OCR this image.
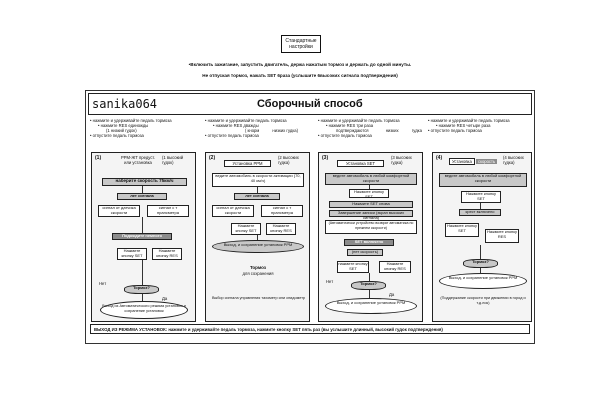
Стандартные
настройки
•Включить зажигание, запустить двигатель, держа нажатым тормоз и держать до одной минуты.
Не отпуская тормоз, нажать SET 6раза (услышите 6высоких сигнала подтверждения)
sanika064	Сборочный способ
• нажмите и удерживайте педаль тормоза
• нажмите RES единожды
(1 низкий гудок)
• отпустите педаль тормоза
• нажмите и удерживайте педаль тормоза
• нажмите RES дважды
( кнорм	низких гудка)
• отпустите педаль тормоза
• нажмите и удерживайте педаль тормоза
• нажмите RES три раза
подтверждаются	низких	гудка
• отпустите педаль тормоза
• нажмите и удерживайте педаль тормоза
• нажмите RES четыре раза
• отпустите педаль тормоза
(1)	РРМ-ЖТ предуст.
или установка
(1 высокий
гудок)
наберите скорость 75км/ч
лет сигнала
сигнал от датчика скорости
сигнал с т прансметра
Подождите немного
Нажмите кнопку SET
Нажмите кнопку RES
Тормоз?
Выход из Автоматического режима установок и сохранение установок
Нет
Да
(2)
Установка РРМ
(2 высоких
гудка)
ведите автомобиль в скорости активации (70, 40 км/ч)
лет сигнала
сигнал от датчика скорости
сигнал с т прансметра
Нажмите кнопку SET
Нажмите кнопку RES
Выход, и сохранение установок РРМ
Тормоз
для сохранения
Выбор сигнала управления тахометр или спидометр
(3)
Установка SET
(3 высоких
гудка)
ведите автомобиль в любой комфортной скорости
Нажмите кнопку SET
Нажмите SET снова
Завершение записи (экран высоких сигнала)
(Автоматически устройство возврат автоматика по прежнем скорости)
SET включено
(нет скорость)
нажмите кнопку SET
Нажмите кнопку RES
Тормоз?
Выход, и сохранение установок РРМ
Нет
Да
(4)
Установка скорость
(4 высоких
гудка)
ведите автомобиль в любой комфортной скорости
Нажмите кнопку SET
крест включено
Нажмите кнопку SET	Нажмите кнопку RES
Тормоз?
Выход, и сохранение установок РРМ
(Поддержание скорости при движении в город и т.д.лок)
ВЫХОД ИЗ РЕЖИМА УСТАНОВОК: нажмите и удерживайте педаль тормоза, нажмите кнопку SET пять раз (вы услышите длинный, высокий гудок подтверждения)
